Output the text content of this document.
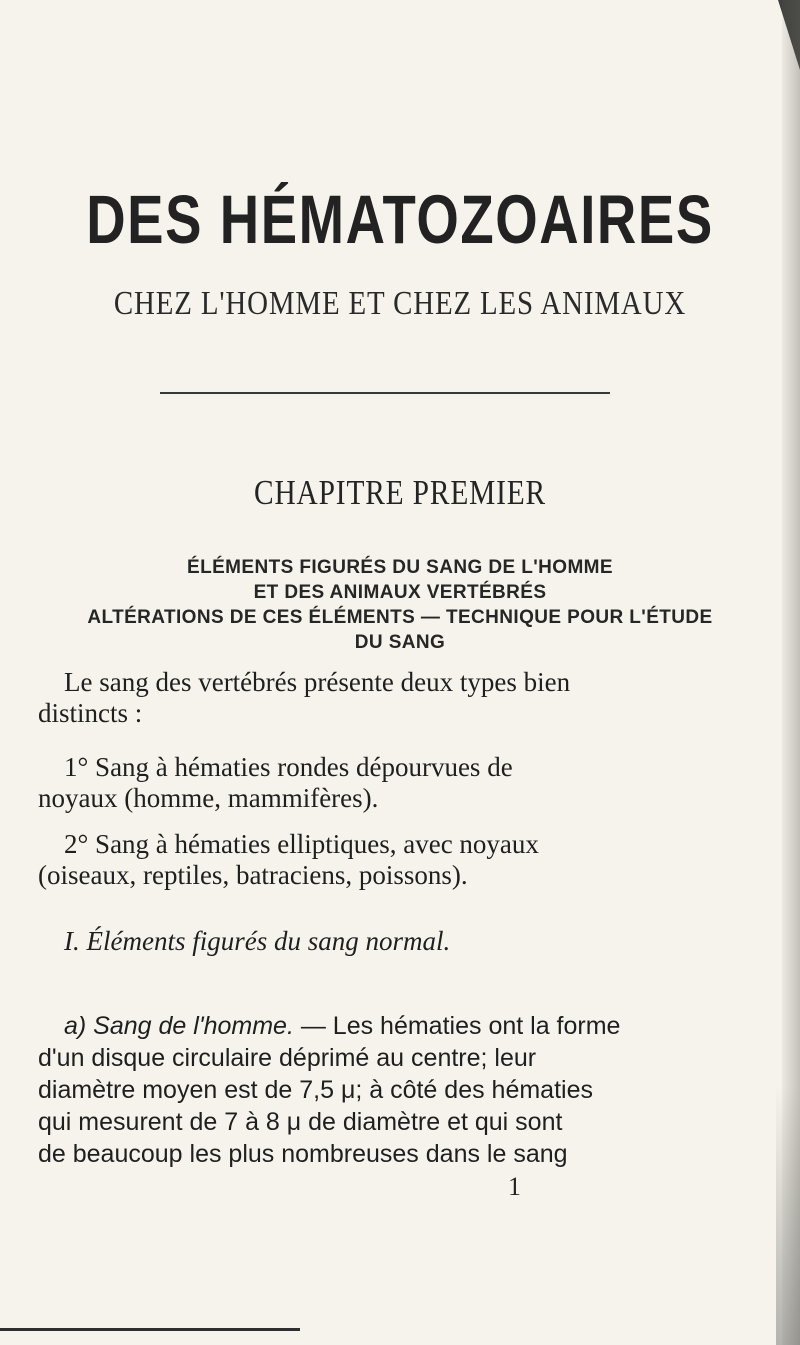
DES HÉMATOZOAIRES
CHEZ L'HOMME ET CHEZ LES ANIMAUX
CHAPITRE PREMIER
ÉLÉMENTS FIGURÉS DU SANG DE L'HOMME
ET DES ANIMAUX VERTÉBRÉS
ALTÉRATIONS DE CES ÉLÉMENTS — TECHNIQUE POUR L'ÉTUDE
DU SANG
Le sang des vertébrés présente deux types bien
distincts :
1° Sang à hématies rondes dépourvues de
noyaux (homme, mammifères).
2° Sang à hématies elliptiques, avec noyaux
(oiseaux, reptiles, batraciens, poissons).
I. Éléments figurés du sang normal.
a) Sang de l'homme. — Les hématies ont la forme
d'un disque circulaire déprimé au centre; leur
diamètre moyen est de 7,5 μ; à côté des hématies
qui mesurent de 7 à 8 μ de diamètre et qui sont
de beaucoup les plus nombreuses dans le sang
1
